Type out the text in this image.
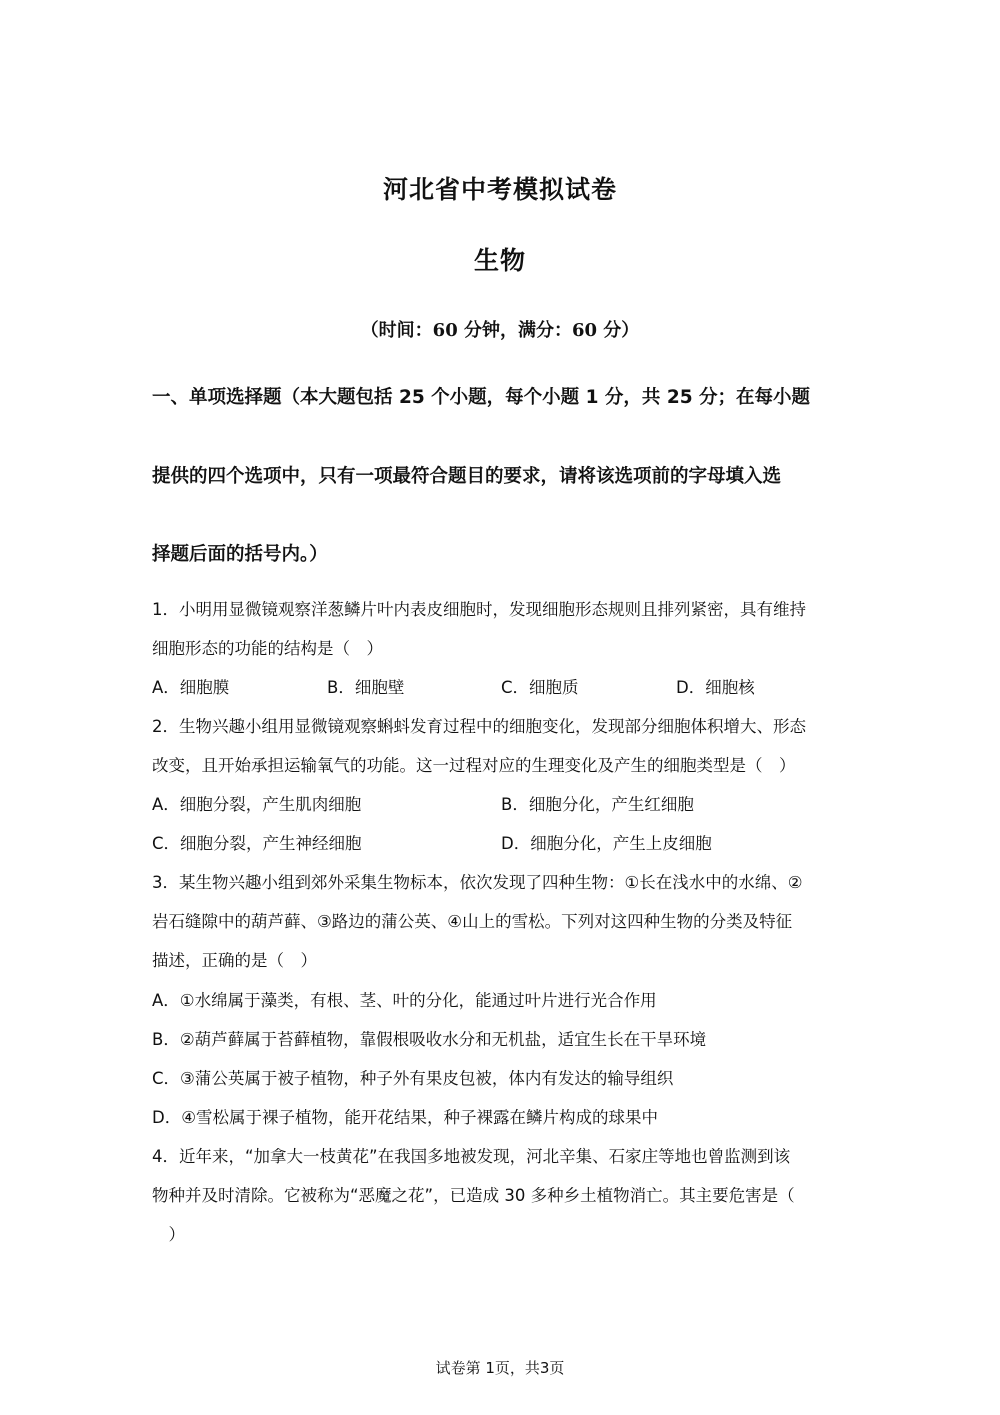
河北省中考模拟试卷
生物
（时间：60 分钟，满分：60 分）
一、单项选择题（本大题包括 25 个小题，每个小题 1 分，共 25 分；在每小题
提供的四个选项中，只有一项最符合题目的要求，请将该选项前的字母填入选
择题后面的括号内。）
1．小明用显微镜观察洋葱鳞片叶内表皮细胞时，发现细胞形态规则且排列紧密，具有维持
细胞形态的功能的结构是（　）
A．细胞膜	B．细胞壁	C．细胞质	D．细胞核
2．生物兴趣小组用显微镜观察蝌蚪发育过程中的细胞变化，发现部分细胞体积增大、形态
改变，且开始承担运输氧气的功能。这一过程对应的生理变化及产生的细胞类型是（　）
A．细胞分裂，产生肌肉细胞	B．细胞分化，产生红细胞
C．细胞分裂，产生神经细胞	D．细胞分化，产生上皮细胞
3．某生物兴趣小组到郊外采集生物标本，依次发现了四种生物：①长在浅水中的水绵、②
岩石缝隙中的葫芦藓、③路边的蒲公英、④山上的雪松。下列对这四种生物的分类及特征
描述，正确的是（　）
A．①水绵属于藻类，有根、茎、叶的分化，能通过叶片进行光合作用
B．②葫芦藓属于苔藓植物，靠假根吸收水分和无机盐，适宜生长在干旱环境
C．③蒲公英属于被子植物，种子外有果皮包被，体内有发达的输导组织
D．④雪松属于裸子植物，能开花结果，种子裸露在鳞片构成的球果中
4．近年来，“加拿大一枝黄花”在我国多地被发现，河北辛集、石家庄等地也曾监测到该
物种并及时清除。它被称为“恶魔之花”，已造成 30 多种乡土植物消亡。其主要危害是（
　）
试卷第 1页，共3页
